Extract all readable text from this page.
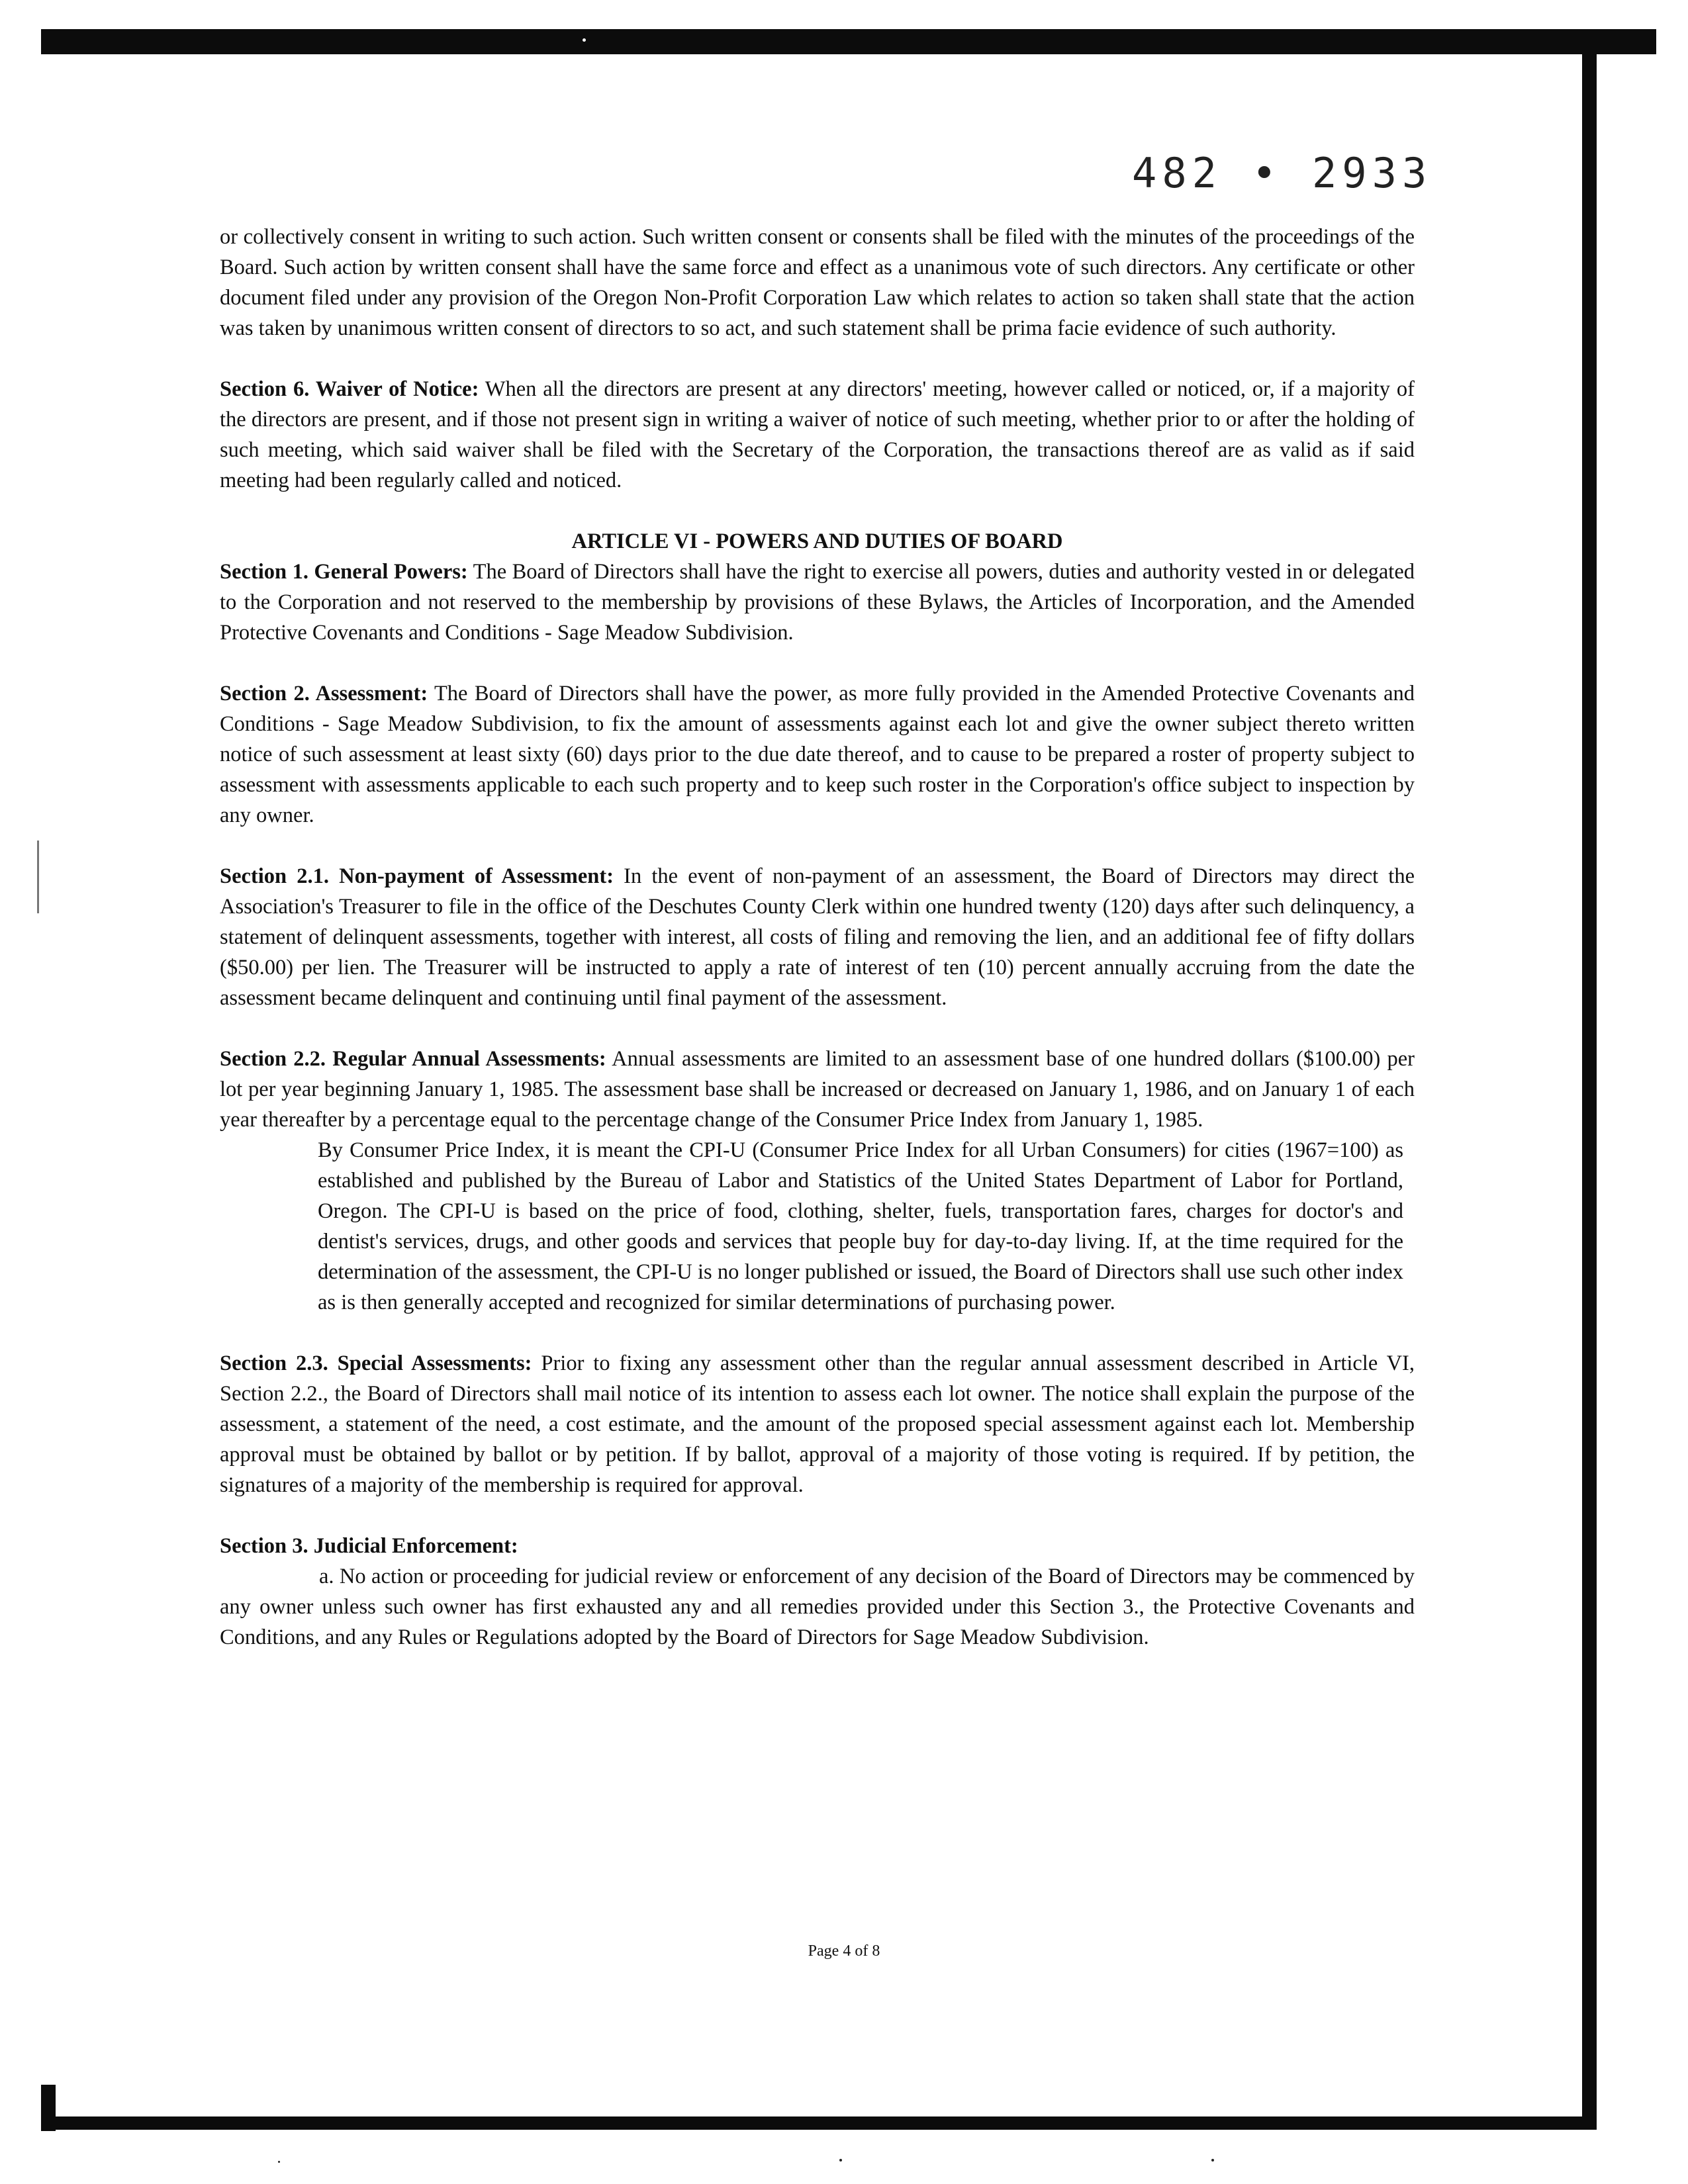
482 • 2933

or collectively consent in writing to such action. Such written consent or consents shall be filed with the minutes of the proceedings of the Board. Such action by written consent shall have the same force and effect as a unanimous vote of such directors. Any certificate or other document filed under any provision of the Oregon Non-Profit Corporation Law which relates to action so taken shall state that the action was taken by unanimous written consent of directors to so act, and such statement shall be prima facie evidence of such authority.

Section 6. Waiver of Notice: When all the directors are present at any directors' meeting, however called or noticed, or, if a majority of the directors are present, and if those not present sign in writing a waiver of notice of such meeting, whether prior to or after the holding of such meeting, which said waiver shall be filed with the Secretary of the Corporation, the transactions thereof are as valid as if said meeting had been regularly called and noticed.

ARTICLE VI - POWERS AND DUTIES OF BOARD

Section 1. General Powers: The Board of Directors shall have the right to exercise all powers, duties and authority vested in or delegated to the Corporation and not reserved to the membership by provisions of these Bylaws, the Articles of Incorporation, and the Amended Protective Covenants and Conditions - Sage Meadow Subdivision.

Section 2. Assessment: The Board of Directors shall have the power, as more fully provided in the Amended Protective Covenants and Conditions - Sage Meadow Subdivision, to fix the amount of assessments against each lot and give the owner subject thereto written notice of such assessment at least sixty (60) days prior to the due date thereof, and to cause to be prepared a roster of property subject to assessment with assessments applicable to each such property and to keep such roster in the Corporation's office subject to inspection by any owner.

Section 2.1. Non-payment of Assessment: In the event of non-payment of an assessment, the Board of Directors may direct the Association's Treasurer to file in the office of the Deschutes County Clerk within one hundred twenty (120) days after such delinquency, a statement of delinquent assessments, together with interest, all costs of filing and removing the lien, and an additional fee of fifty dollars ($50.00) per lien. The Treasurer will be instructed to apply a rate of interest of ten (10) percent annually accruing from the date the assessment became delinquent and continuing until final payment of the assessment.

Section 2.2. Regular Annual Assessments: Annual assessments are limited to an assessment base of one hundred dollars ($100.00) per lot per year beginning January 1, 1985. The assessment base shall be increased or decreased on January 1, 1986, and on January 1 of each year thereafter by a percentage equal to the percentage change of the Consumer Price Index from January 1, 1985.

By Consumer Price Index, it is meant the CPI-U (Consumer Price Index for all Urban Consumers) for cities (1967=100) as established and published by the Bureau of Labor and Statistics of the United States Department of Labor for Portland, Oregon. The CPI-U is based on the price of food, clothing, shelter, fuels, transportation fares, charges for doctor's and dentist's services, drugs, and other goods and services that people buy for day-to-day living. If, at the time required for the determination of the assessment, the CPI-U is no longer published or issued, the Board of Directors shall use such other index as is then generally accepted and recognized for similar determinations of purchasing power.

Section 2.3. Special Assessments: Prior to fixing any assessment other than the regular annual assessment described in Article VI, Section 2.2., the Board of Directors shall mail notice of its intention to assess each lot owner. The notice shall explain the purpose of the assessment, a statement of the need, a cost estimate, and the amount of the proposed special assessment against each lot. Membership approval must be obtained by ballot or by petition. If by ballot, approval of a majority of those voting is required. If by petition, the signatures of a majority of the membership is required for approval.

Section 3. Judicial Enforcement:

a. No action or proceeding for judicial review or enforcement of any decision of the Board of Directors may be commenced by any owner unless such owner has first exhausted any and all remedies provided under this Section 3., the Protective Covenants and Conditions, and any Rules or Regulations adopted by the Board of Directors for Sage Meadow Subdivision.

Page 4 of 8
